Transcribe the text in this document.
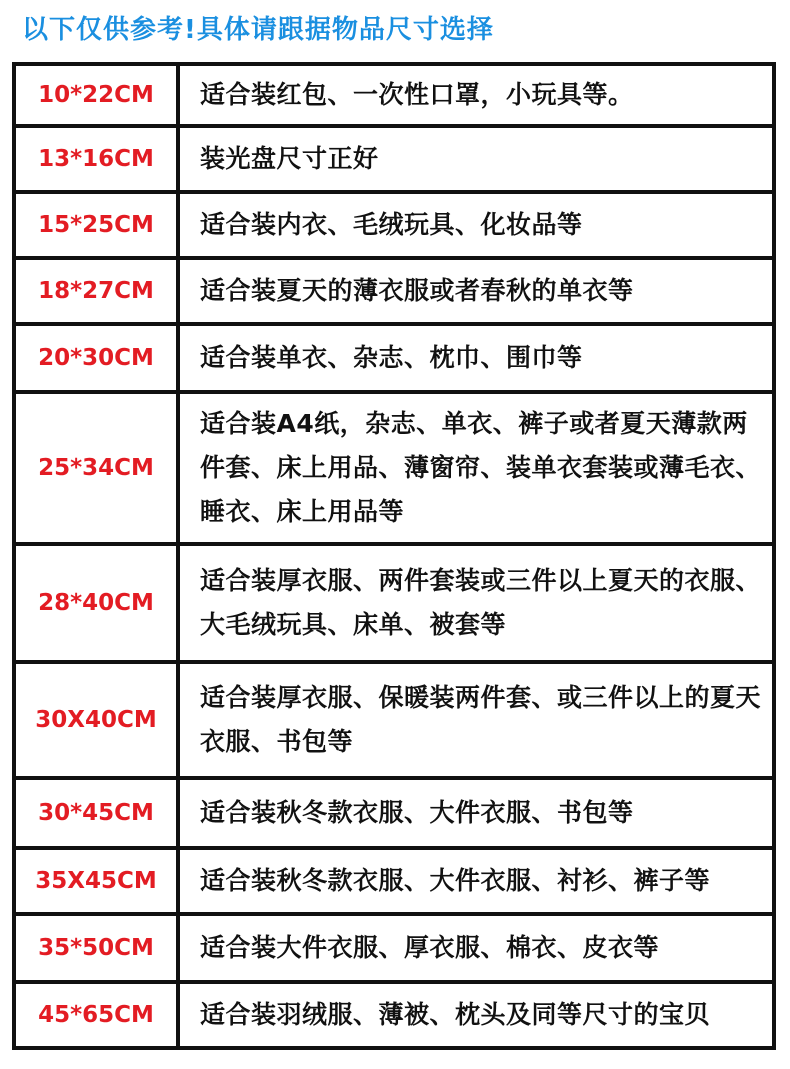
以下仅供参考!具体请跟据物品尺寸选择
10*22CM	适合装红包、一次性口罩，小玩具等。
13*16CM	装光盘尺寸正好
15*25CM	适合装内衣、毛绒玩具、化妆品等
18*27CM	适合装夏天的薄衣服或者春秋的单衣等
20*30CM	适合装单衣、杂志、枕巾、围巾等
25*34CM	适合装A4纸，杂志、单衣、裤子或者夏天薄款两件套、床上用品、薄窗帘、装单衣套装或薄毛衣、睡衣、床上用品等
28*40CM	适合装厚衣服、两件套装或三件以上夏天的衣服、大毛绒玩具、床单、被套等
30X40CM	适合装厚衣服、保暖装两件套、或三件以上的夏天衣服、书包等
30*45CM	适合装秋冬款衣服、大件衣服、书包等
35X45CM	适合装秋冬款衣服、大件衣服、衬衫、裤子等
35*50CM	适合装大件衣服、厚衣服、棉衣、皮衣等
45*65CM	适合装羽绒服、薄被、枕头及同等尺寸的宝贝
